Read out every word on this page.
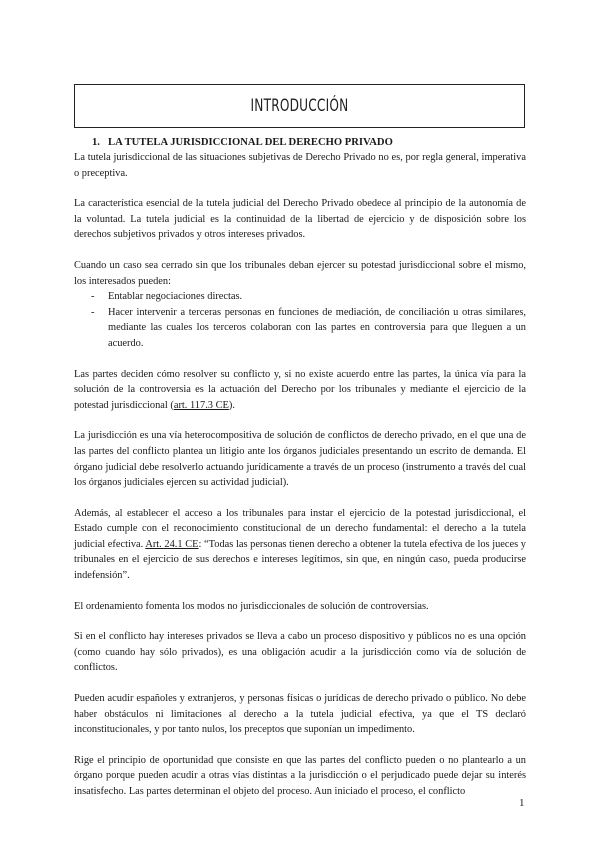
INTRODUCCIÓN
1. LA TUTELA JURISDICCIONAL DEL DERECHO PRIVADO

La tutela jurisdiccional de las situaciones subjetivas de Derecho Privado no es, por regla general, imperativa o preceptiva.

La característica esencial de la tutela judicial del Derecho Privado obedece al principio de la autonomía de la voluntad. La tutela judicial es la continuidad de la libertad de ejercicio y de disposición sobre los derechos subjetivos privados y otros intereses privados.

Cuando un caso sea cerrado sin que los tribunales deban ejercer su potestad jurisdiccional sobre el mismo, los interesados pueden:

- Entablar negociaciones directas.
- Hacer intervenir a terceras personas en funciones de mediación, de conciliación u otras similares, mediante las cuales los terceros colaboran con las partes en controversia para que lleguen a un acuerdo.

Las partes deciden cómo resolver su conflicto y, si no existe acuerdo entre las partes, la única vía para la solución de la controversia es la actuación del Derecho por los tribunales y mediante el ejercicio de la potestad jurisdiccional (art. 117.3 CE).

La jurisdicción es una vía heterocompositiva de solución de conflictos de derecho privado, en el que una de las partes del conflicto plantea un litigio ante los órganos judiciales presentando un escrito de demanda. El órgano judicial debe resolverlo actuando jurídicamente a través de un proceso (instrumento a través del cual los órganos judiciales ejercen su actividad judicial).

Además, al establecer el acceso a los tribunales para instar el ejercicio de la potestad jurisdiccional, el Estado cumple con el reconocimiento constitucional de un derecho fundamental: el derecho a la tutela judicial efectiva. Art. 24.1 CE: “Todas las personas tienen derecho a obtener la tutela efectiva de los jueces y tribunales en el ejercicio de sus derechos e intereses legítimos, sin que, en ningún caso, pueda producirse indefensión”.

El ordenamiento fomenta los modos no jurisdiccionales de solución de controversias.

Si en el conflicto hay intereses privados se lleva a cabo un proceso dispositivo y públicos no es una opción (como cuando hay sólo privados), es una obligación acudir a la jurisdicción como vía de solución de conflictos.

Pueden acudir españoles y extranjeros, y personas físicas o jurídicas de derecho privado o público. No debe haber obstáculos ni limitaciones al derecho a la tutela judicial efectiva, ya que el TS declaró inconstitucionales, y por tanto nulos, los preceptos que suponían un impedimento.

Rige el principio de oportunidad que consiste en que las partes del conflicto pueden o no plantearlo a un órgano porque pueden acudir a otras vías distintas a la jurisdicción o el perjudicado puede dejar su interés insatisfecho. Las partes determinan el objeto del proceso. Aun iniciado el proceso, el conflicto

1
